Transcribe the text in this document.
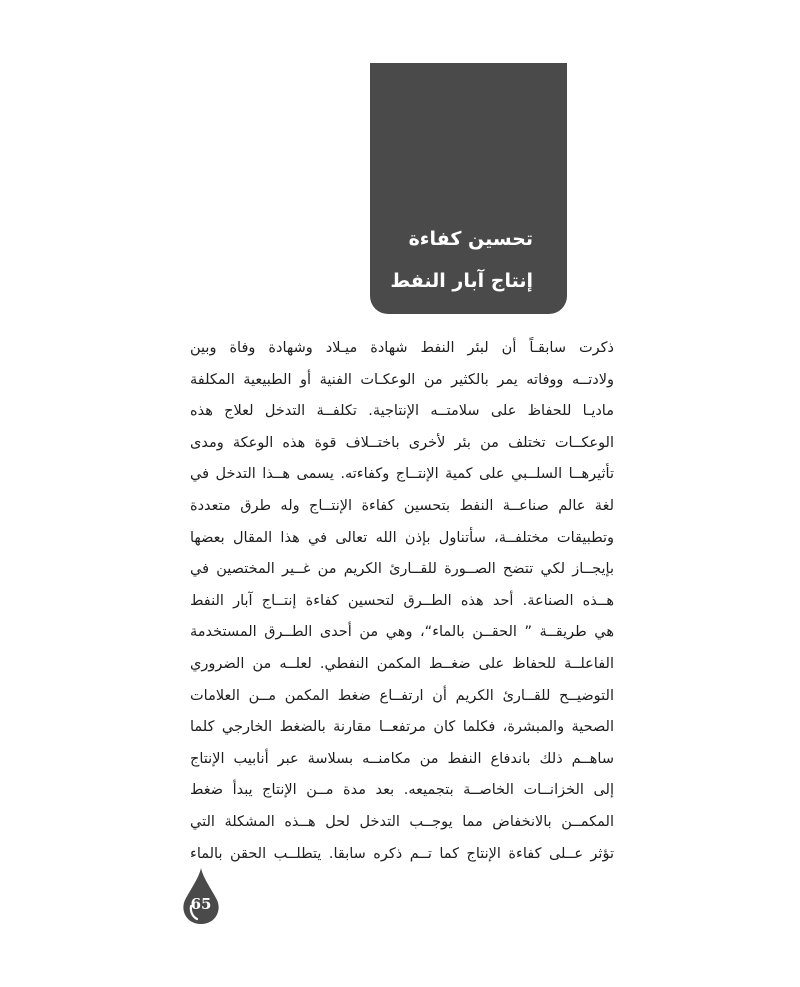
تحسين كفاءة
إنتاج آبار النفط
ذكرت سابقـاً أن لبئر النفط شهادة ميـلاد وشهادة وفاة وبين
ولادتــه ووفاته يمر بالكثير من الوعكـات الفنية أو الطبيعية المكلفة
ماديـا للحفاظ على سلامتــه الإنتاجية. تكلفــة التدخل لعلاج هذه
الوعكــات تختلف من بئر لأخرى باختــلاف قوة هذه الوعكة ومدى
تأثيرهــا السلــبي على كمية الإنتــاج وكفاءته. يسمى هــذا التدخل في
لغة عالم صناعــة النفط بتحسين كفاءة الإنتــاج وله طرق متعددة
وتطبيقات مختلفــة، سأتناول بإذن الله تعالى في هذا المقال بعضها
بإيجــاز لكي تتضح الصــورة للقــارئ الكريم من غــير المختصين في
هــذه الصناعة. أحد هذه الطــرق لتحسين كفاءة إنتــاج آبار النفط
هي طريقــة ” الحقــن بالماء“، وهي من أحدى الطــرق المستخدمة
الفاعلــة للحفاظ على ضغــط المكمن النفطي. لعلــه من الضروري
التوضيــح للقــارئ الكريم أن ارتفــاع ضغط المكمن مــن العلامات
الصحية والمبشرة، فكلما كان مرتفعــا مقارنة بالضغط الخارجي كلما
ساهــم ذلك باندفاع النفط من مكامنــه بسلاسة عبر أنابيب الإنتاج
إلى الخزانــات الخاصــة بتجميعه. بعد مدة مــن الإنتاج يبدأ ضغط
المكمــن بالانخفاض مما يوجــب التدخل لحل هــذه المشكلة التي
تؤثر عــلى كفاءة الإنتاج كما تــم ذكره سابقا. يتطلــب الحقن بالماء
65
